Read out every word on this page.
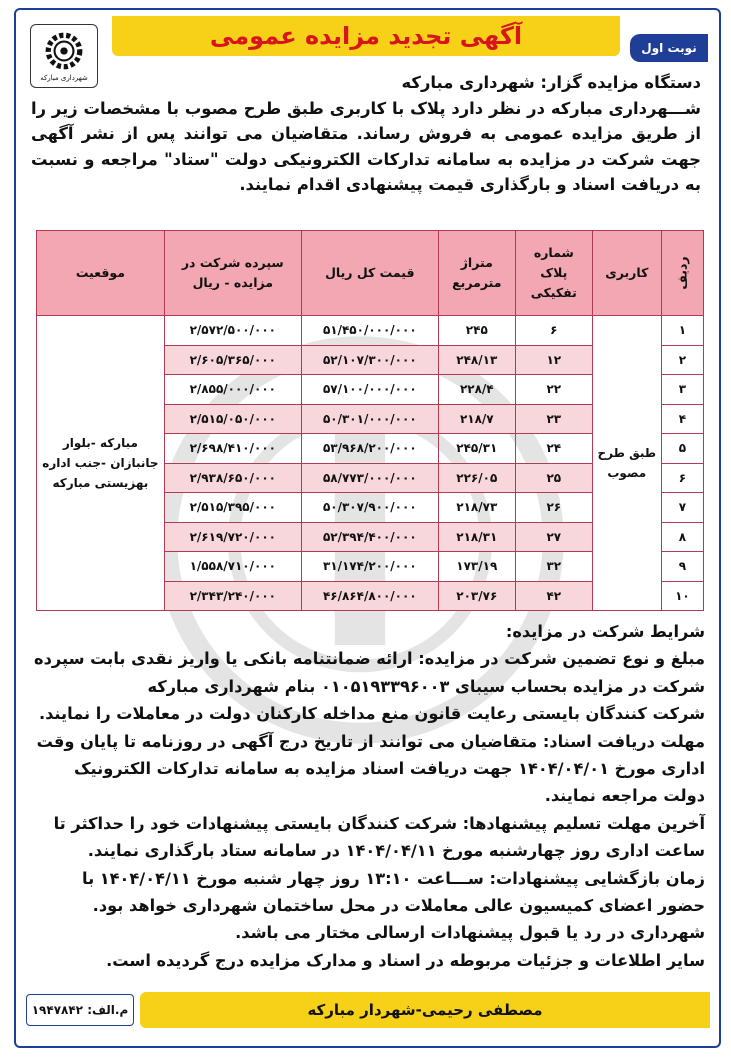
آگهی تجدید مزایده عمومی	نوبت اول
شهرداری مبارکه	دستگاه مزایده گزار: شهرداری مبارکه

شـــهرداری مبارکه در نظر دارد پلاک با کاربری طبق طرح مصوب با مشخصات زیر را از طریق مزایده عمومی به فروش رساند. متقاضیان می توانند پس از نشر آگهی جهت شرکت در مزایده به سامانه تدارکات الکترونیکی دولت "ستاد" مراجعه و نسبت به دریافت اسناد و بارگذاری قیمت پیشنهادی اقدام نمایند.

ردیف	کاربری	شماره پلاک تفکیکی	متراژ مترمربع	قیمت کل ریال	سپرده شرکت در مزایده - ریال	موقعیت
۱	طبق طرح مصوب	۶	۲۴۵	۵۱/۴۵۰/۰۰۰/۰۰۰	۲/۵۷۲/۵۰۰/۰۰۰	مبارکه -بلوار جانبازان -جنب اداره بهزیستی مبارکه
۲		۱۲	۲۴۸/۱۳	۵۲/۱۰۷/۳۰۰/۰۰۰	۲/۶۰۵/۳۶۵/۰۰۰	
۳		۲۲	۲۲۸/۴	۵۷/۱۰۰/۰۰۰/۰۰۰	۲/۸۵۵/۰۰۰/۰۰۰	
۴		۲۳	۲۱۸/۷	۵۰/۳۰۱/۰۰۰/۰۰۰	۲/۵۱۵/۰۵۰/۰۰۰	
۵		۲۴	۲۴۵/۳۱	۵۳/۹۶۸/۲۰۰/۰۰۰	۲/۶۹۸/۴۱۰/۰۰۰	
۶		۲۵	۲۲۶/۰۵	۵۸/۷۷۳/۰۰۰/۰۰۰	۲/۹۳۸/۶۵۰/۰۰۰	
۷		۲۶	۲۱۸/۷۳	۵۰/۳۰۷/۹۰۰/۰۰۰	۲/۵۱۵/۳۹۵/۰۰۰	
۸		۲۷	۲۱۸/۳۱	۵۲/۳۹۴/۴۰۰/۰۰۰	۲/۶۱۹/۷۲۰/۰۰۰	
۹		۳۲	۱۷۳/۱۹	۳۱/۱۷۴/۲۰۰/۰۰۰	۱/۵۵۸/۷۱۰/۰۰۰	
۱۰		۴۲	۲۰۳/۷۶	۴۶/۸۶۴/۸۰۰/۰۰۰	۲/۳۴۳/۲۴۰/۰۰۰	

شرایط شرکت در مزایده:

مبلغ و نوع تضمین شرکت در مزایده: ارائه ضمانتنامه بانکی یا واریز نقدی بابت سپرده شرکت در مزایده بحساب سیبای ۰۱۰۵۱۹۳۳۹۶۰۰۳ بنام شهرداری مبارکه

شرکت کنندگان بایستی رعایت قانون منع مداخله کارکنان دولت در معاملات را نمایند.

مهلت دریافت اسناد: متقاضیان می توانند از تاریخ درج آگهی در روزنامه تا پایان وقت اداری مورخ ۱۴۰۴/۰۴/۰۱ جهت دریافت اسناد مزایده به سامانه تدارکات الکترونیک دولت مراجعه نمایند.

آخرین مهلت تسلیم پیشنهادها: شرکت کنندگان بایستی پیشنهادات خود را حداکثر تا ساعت اداری روز چهارشنبه مورخ ۱۴۰۴/۰۴/۱۱ در سامانه ستاد بارگذاری نمایند.

زمان بازگشایی پیشنهادات: ســـاعت ۱۳:۱۰ روز چهار شنبه مورخ ۱۴۰۴/۰۴/۱۱ با حضور اعضای کمیسیون عالی معاملات در محل ساختمان شهرداری خواهد بود.

شهرداری در رد یا قبول پیشنهادات ارسالی مختار می باشد.

سایر اطلاعات و جزئیات مربوطه در اسناد و مدارک مزایده درج گردیده است.

مصطفی رحیمی-شهردار مبارکه
م.الف: ۱۹۴۷۸۴۲
